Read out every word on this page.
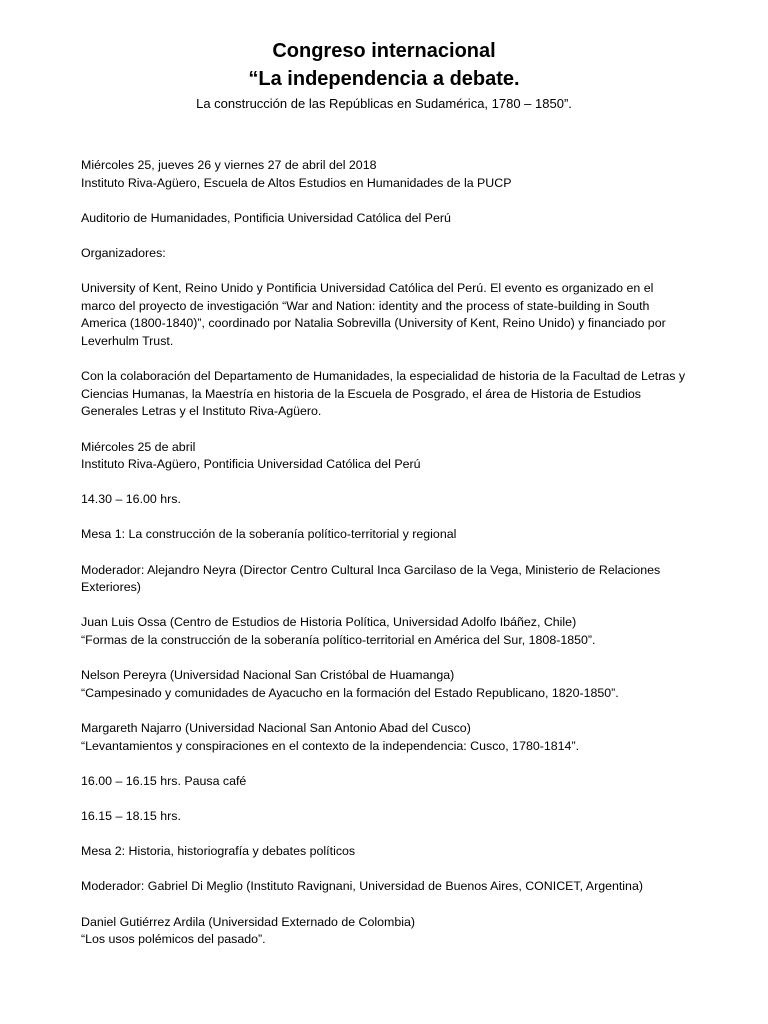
Congreso internacional
“La independencia a debate.

La construcción de las Repúblicas en Sudamérica, 1780 – 1850”.

Miércoles 25, jueves 26 y viernes 27 de abril del 2018
Instituto Riva-Agüero, Escuela de Altos Estudios en Humanidades de la PUCP

Auditorio de Humanidades, Pontificia Universidad Católica del Perú

Organizadores:

University of Kent, Reino Unido y Pontificia Universidad Católica del Perú. El evento es organizado en el marco del proyecto de investigación “War and Nation: identity and the process of state-building in South America (1800-1840)”, coordinado por Natalia Sobrevilla (University of Kent, Reino Unido) y financiado por Leverhulm Trust.

Con la colaboración del Departamento de Humanidades, la especialidad de historia de la Facultad de Letras y Ciencias Humanas, la Maestría en historia de la Escuela de Posgrado, el área de Historia de Estudios Generales Letras y el Instituto Riva-Agüero.

Miércoles 25 de abril
Instituto Riva-Agüero, Pontificia Universidad Católica del Perú

14.30 – 16.00 hrs.

Mesa 1: La construcción de la soberanía político-territorial y regional

Moderador: Alejandro Neyra (Director Centro Cultural Inca Garcilaso de la Vega, Ministerio de Relaciones Exteriores)

Juan Luis Ossa (Centro de Estudios de Historia Política, Universidad Adolfo Ibáñez, Chile)
“Formas de la construcción de la soberanía político-territorial en América del Sur, 1808-1850”.

Nelson Pereyra (Universidad Nacional San Cristóbal de Huamanga)
“Campesinado y comunidades de Ayacucho en la formación del Estado Republicano, 1820-1850”.

Margareth Najarro (Universidad Nacional San Antonio Abad del Cusco)
“Levantamientos y conspiraciones en el contexto de la independencia: Cusco, 1780-1814”.

16.00 – 16.15 hrs. Pausa café

16.15 – 18.15 hrs.

Mesa 2: Historia, historiografía y debates políticos

Moderador: Gabriel Di Meglio (Instituto Ravignani, Universidad de Buenos Aires, CONICET, Argentina)

Daniel Gutiérrez Ardila (Universidad Externado de Colombia)
“Los usos polémicos del pasado”.
